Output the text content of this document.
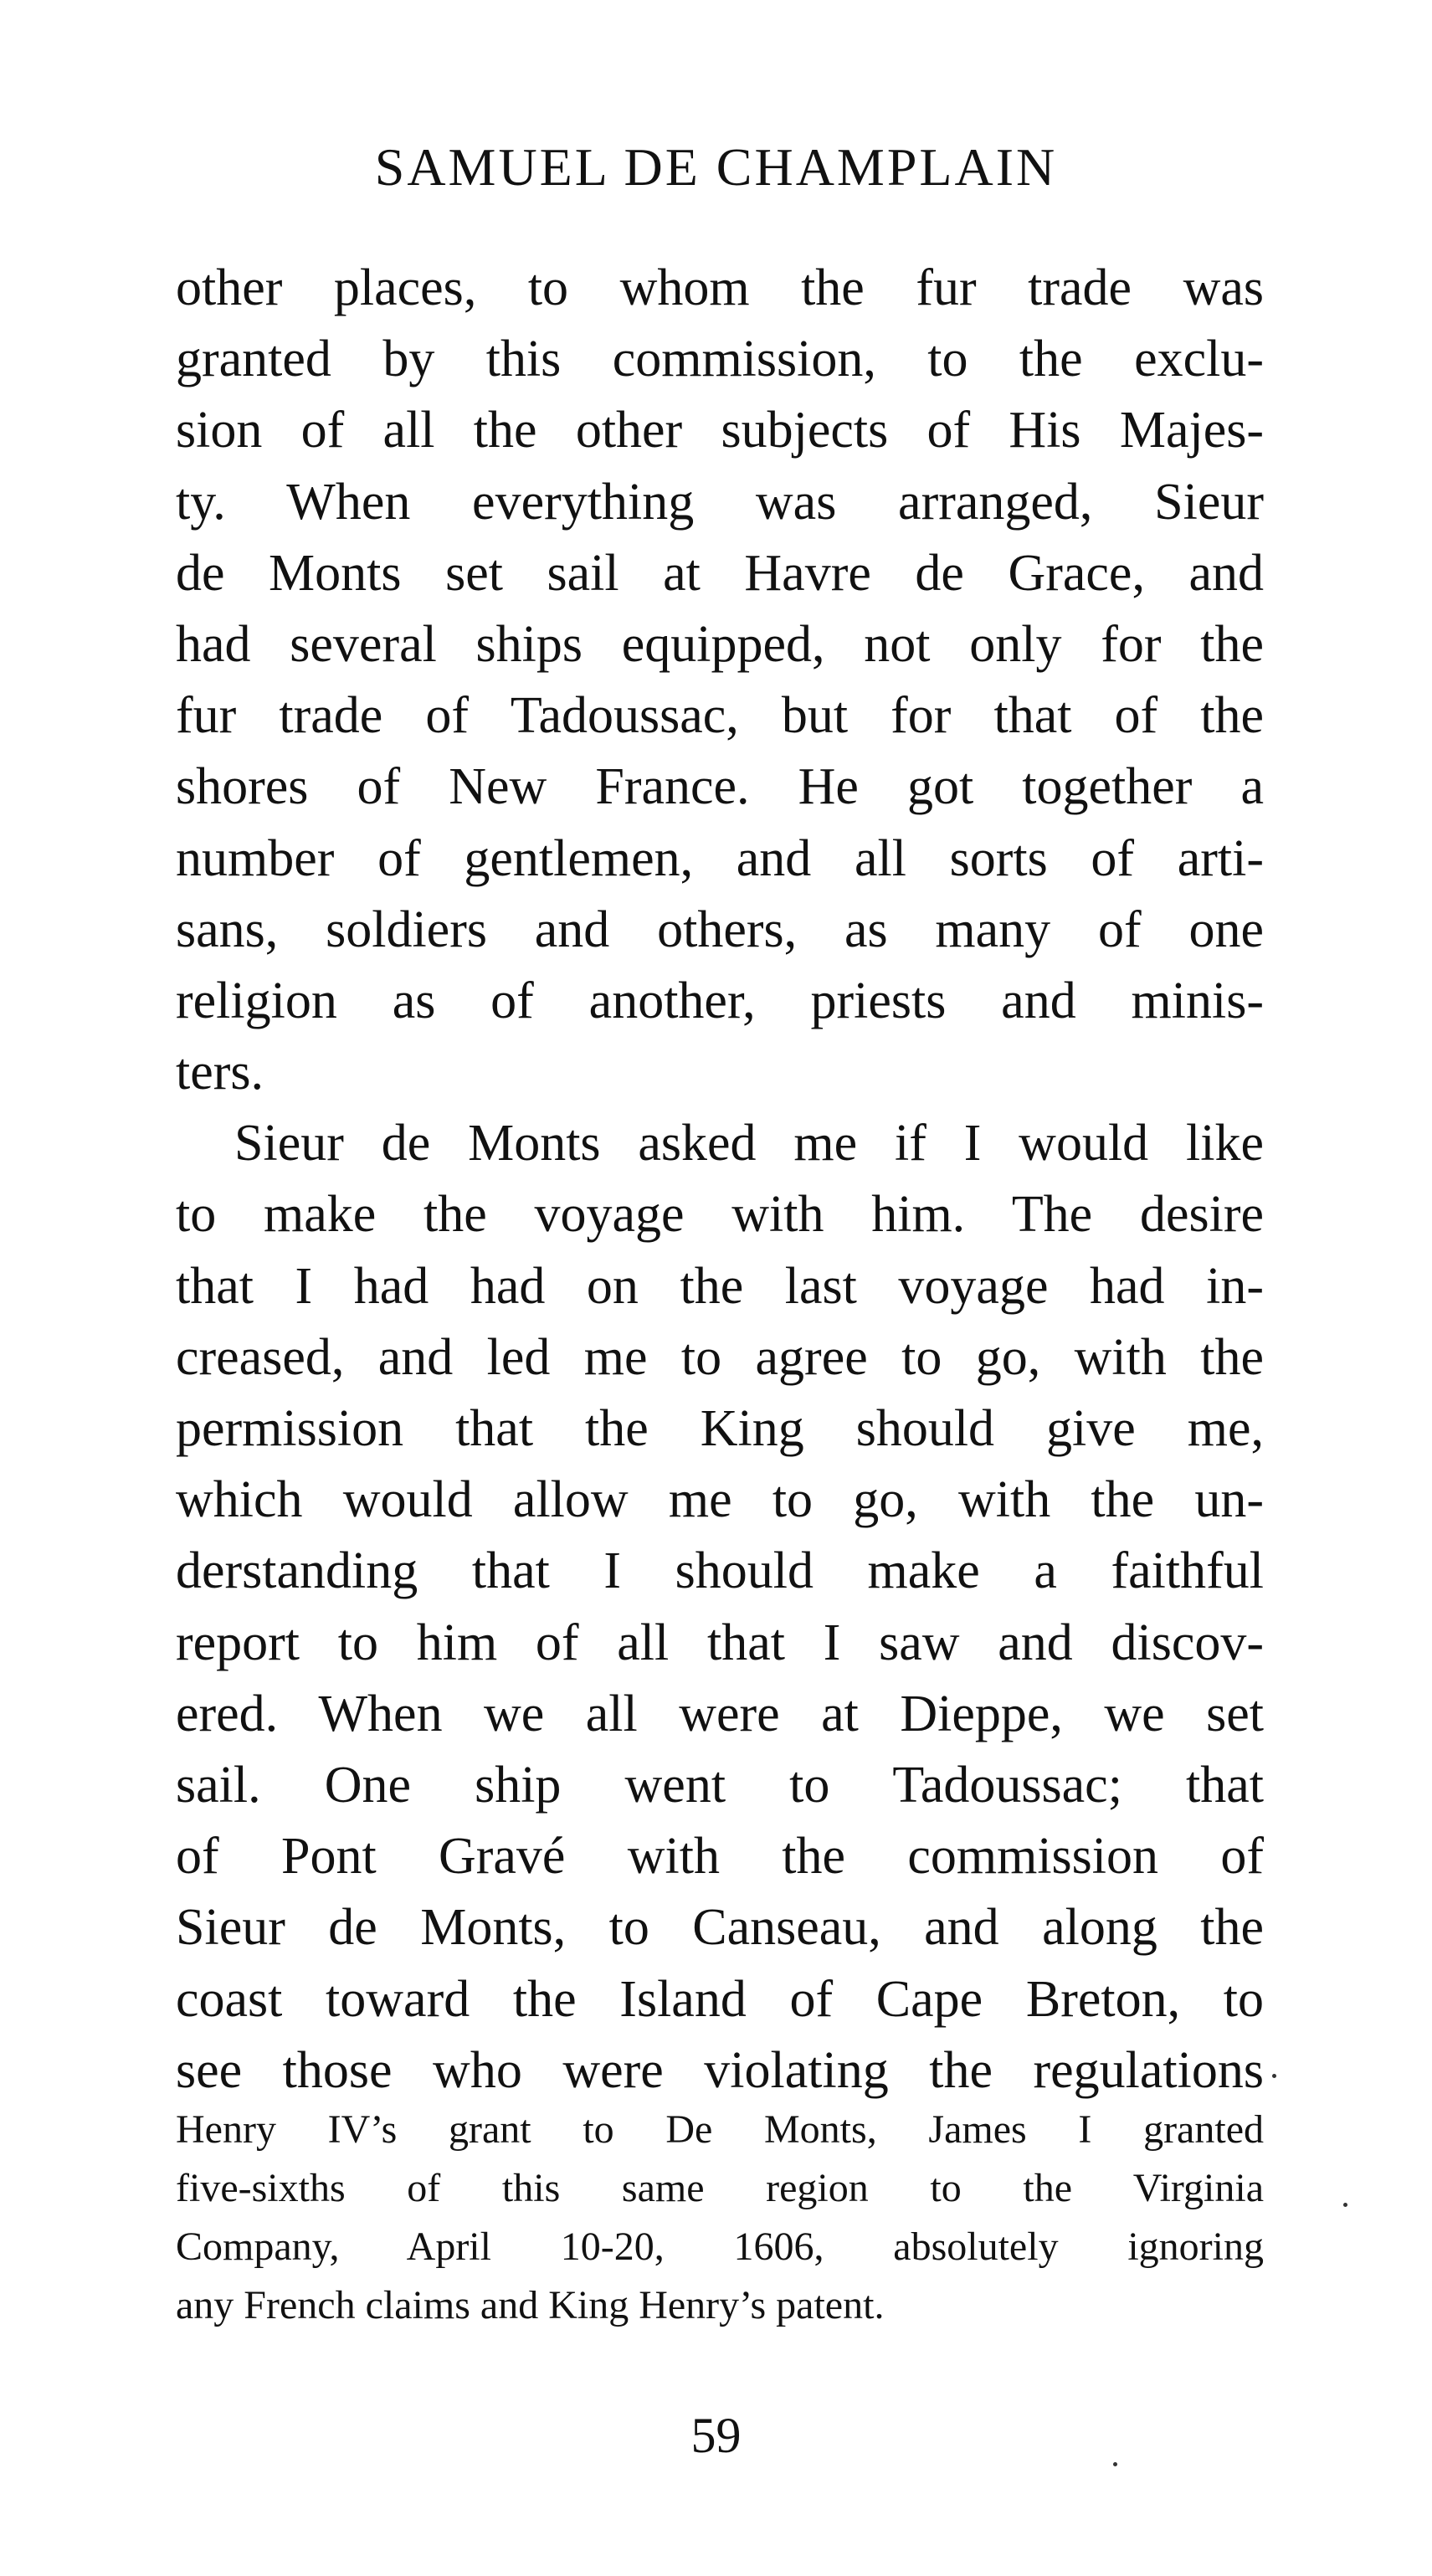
SAMUEL DE CHAMPLAIN
other places, to whom the fur trade was
granted by this commission, to the exclu-
sion of all the other subjects of His Majes-
ty. When everything was arranged, Sieur
de Monts set sail at Havre de Grace, and
had several ships equipped, not only for the
fur trade of Tadoussac, but for that of the
shores of New France. He got together a
number of gentlemen, and all sorts of arti-
sans, soldiers and others, as many of one
religion as of another, priests and minis-
ters.
Sieur de Monts asked me if I would like
to make the voyage with him. The desire
that I had had on the last voyage had in-
creased, and led me to agree to go, with the
permission that the King should give me,
which would allow me to go, with the un-
derstanding that I should make a faithful
report to him of all that I saw and discov-
ered. When we all were at Dieppe, we set
sail. One ship went to Tadoussac; that
of Pont Gravé with the commission of
Sieur de Monts, to Canseau, and along the
coast toward the Island of Cape Breton, to
see those who were violating the regulations
Henry IV’s grant to De Monts, James I granted
five-sixths of this same region to the Virginia
Company, April 10-20, 1606, absolutely ignoring
any French claims and King Henry’s patent.
59
